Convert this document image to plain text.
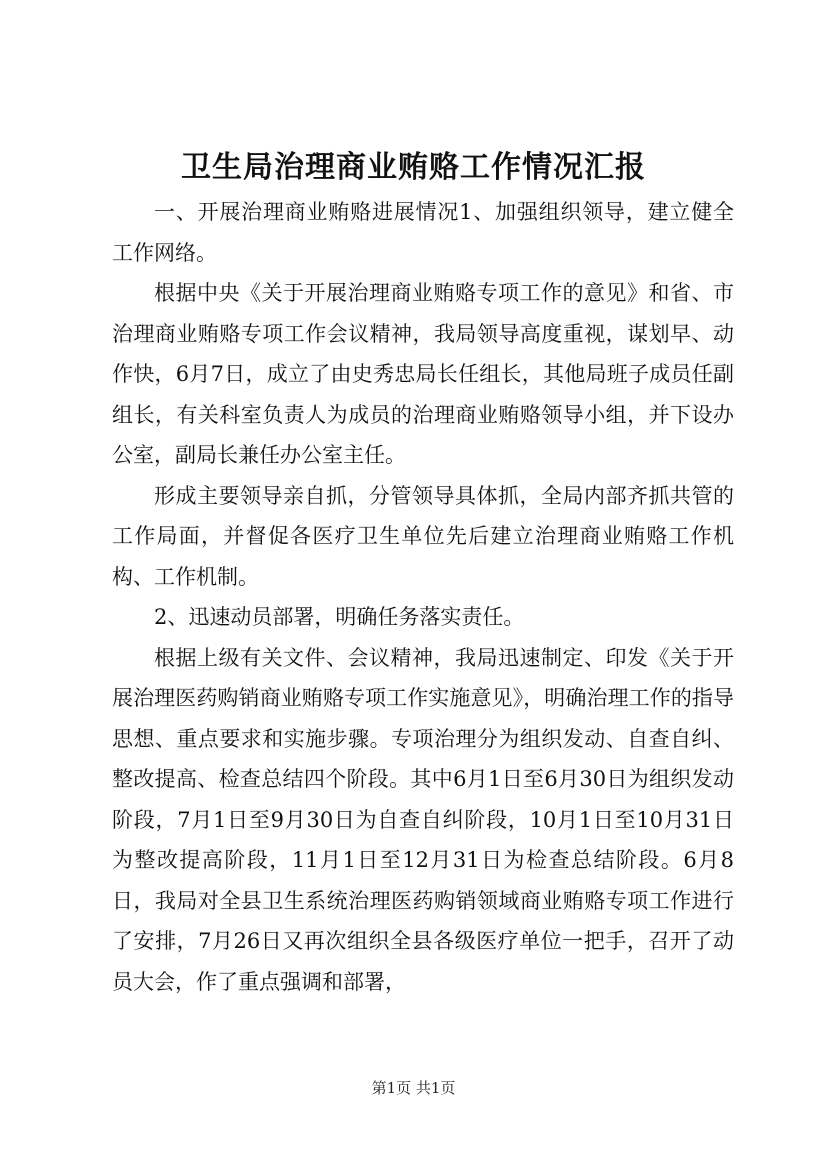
卫生局治理商业贿赂工作情况汇报

一、开展治理商业贿赂进展情况1、加强组织领导，建立健全工作网络。

根据中央《关于开展治理商业贿赂专项工作的意见》和省、市治理商业贿赂专项工作会议精神，我局领导高度重视，谋划早、动作快，6月7日，成立了由史秀忠局长任组长，其他局班子成员任副组长，有关科室负责人为成员的治理商业贿赂领导小组，并下设办公室，副局长兼任办公室主任。

形成主要领导亲自抓，分管领导具体抓，全局内部齐抓共管的工作局面，并督促各医疗卫生单位先后建立治理商业贿赂工作机构、工作机制。

2、迅速动员部署，明确任务落实责任。

根据上级有关文件、会议精神，我局迅速制定、印发《关于开展治理医药购销商业贿赂专项工作实施意见》，明确治理工作的指导思想、重点要求和实施步骤。专项治理分为组织发动、自查自纠、整改提高、检查总结四个阶段。其中6月1日至6月30日为组织发动阶段，7月1日至9月30日为自查自纠阶段，10月1日至10月31日为整改提高阶段，11月1日至12月31日为检查总结阶段。6月8日，我局对全县卫生系统治理医药购销领域商业贿赂专项工作进行了安排，7月26日又再次组织全县各级医疗单位一把手，召开了动员大会，作了重点强调和部署，

第1页 共1页
